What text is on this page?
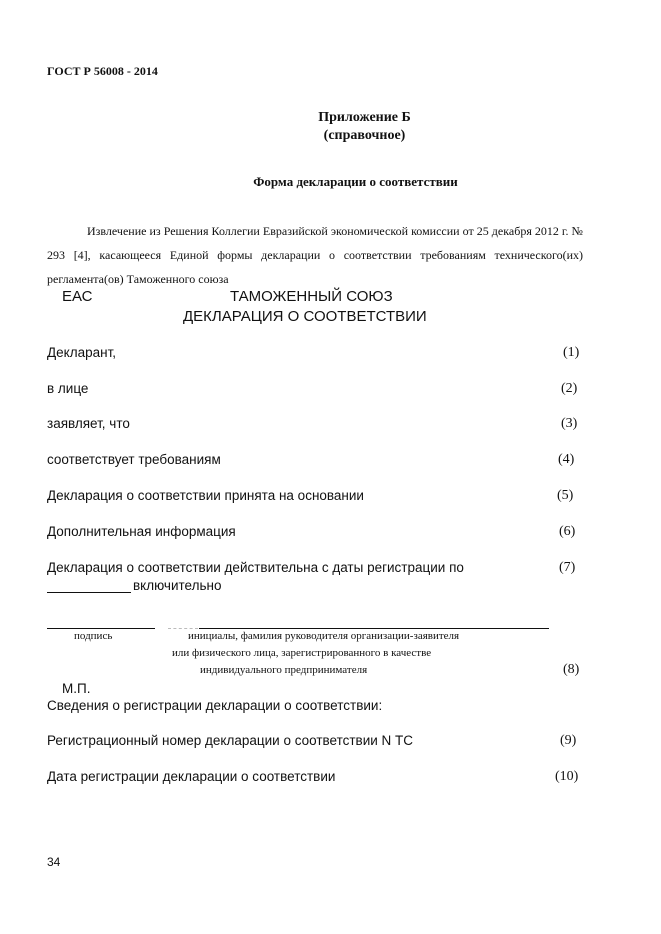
ГОСТ Р 56008 - 2014
Приложение Б
(справочное)
Форма декларации о соответствии
Извлечение из Решения Коллегии Евразийской экономической комиссии от 25 декабря 2012 г. № 293 [4], касающееся Единой формы декларации о соответствии требованиям технического(их) регламента(ов) Таможенного союза
ЕАС	ТАМОЖЕННЫЙ СОЮЗ
ДЕКЛАРАЦИЯ О СООТВЕТСТВИИ
Декларант,	(1)
в лице	(2)
заявляет, что	(3)
соответствует требованиям	(4)
Декларация о соответствии принята на основании	(5)
Дополнительная информация	(6)
Декларация о соответствии действительна с даты регистрации по	(7)
включительно
подпись	инициалы, фамилия руководителя организации-заявителя
или физического лица, зарегистрированного в качестве
индивидуального предпринимателя	(8)
М.П.
Сведения о регистрации декларации о соответствии:
Регистрационный номер декларации о соответствии N ТС	(9)
Дата регистрации декларации о соответствии	(10)
34
